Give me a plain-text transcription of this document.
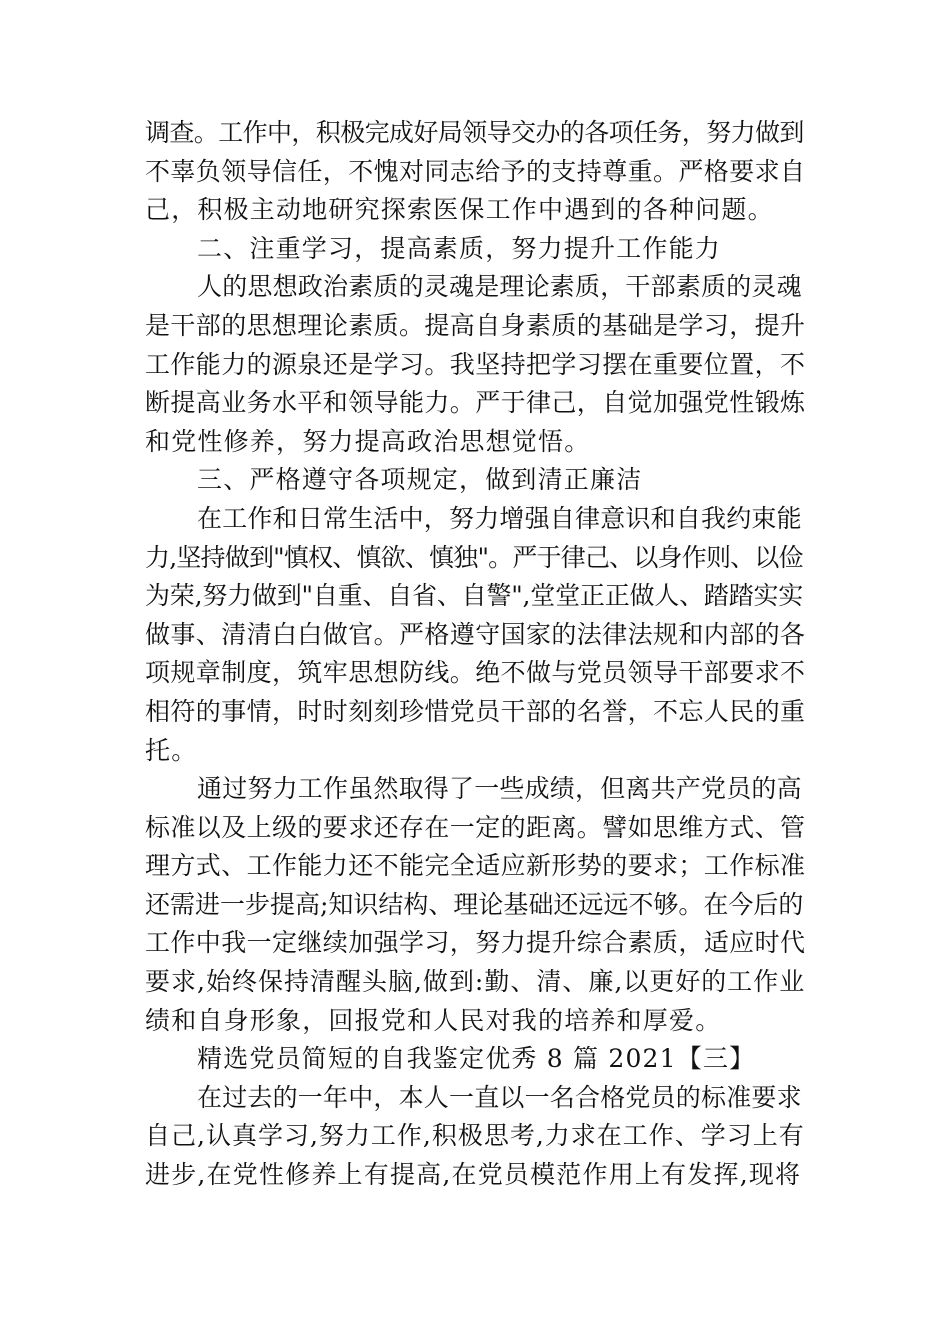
调查。工作中，积极完成好局领导交办的各项任务，努力做到
不辜负领导信任，不愧对同志给予的支持尊重。严格要求自
己，积极主动地研究探索医保工作中遇到的各种问题。
二、注重学习，提高素质，努力提升工作能力
人的思想政治素质的灵魂是理论素质，干部素质的灵魂
是干部的思想理论素质。提高自身素质的基础是学习，提升
工作能力的源泉还是学习。我坚持把学习摆在重要位置，不
断提高业务水平和领导能力。严于律己，自觉加强党性锻炼
和党性修养，努力提高政治思想觉悟。
三、严格遵守各项规定，做到清正廉洁
在工作和日常生活中，努力增强自律意识和自我约束能
力,坚持做到"慎权、慎欲、慎独"。严于律己、以身作则、以俭
为荣,努力做到"自重、自省、自警",堂堂正正做人、踏踏实实
做事、清清白白做官。严格遵守国家的法律法规和内部的各
项规章制度，筑牢思想防线。绝不做与党员领导干部要求不
相符的事情，时时刻刻珍惜党员干部的名誉，不忘人民的重
托。
通过努力工作虽然取得了一些成绩，但离共产党员的高
标准以及上级的要求还存在一定的距离。譬如思维方式、管
理方式、工作能力还不能完全适应新形势的要求；工作标准
还需进一步提高;知识结构、理论基础还远远不够。在今后的
工作中我一定继续加强学习，努力提升综合素质，适应时代
要求,始终保持清醒头脑,做到:勤、清、廉,以更好的工作业
绩和自身形象，回报党和人民对我的培养和厚爱。
精选党员简短的自我鉴定优秀 8 篇 2021【三】
在过去的一年中，本人一直以一名合格党员的标准要求
自己,认真学习,努力工作,积极思考,力求在工作、学习上有
进步,在党性修养上有提高,在党员模范作用上有发挥,现将
